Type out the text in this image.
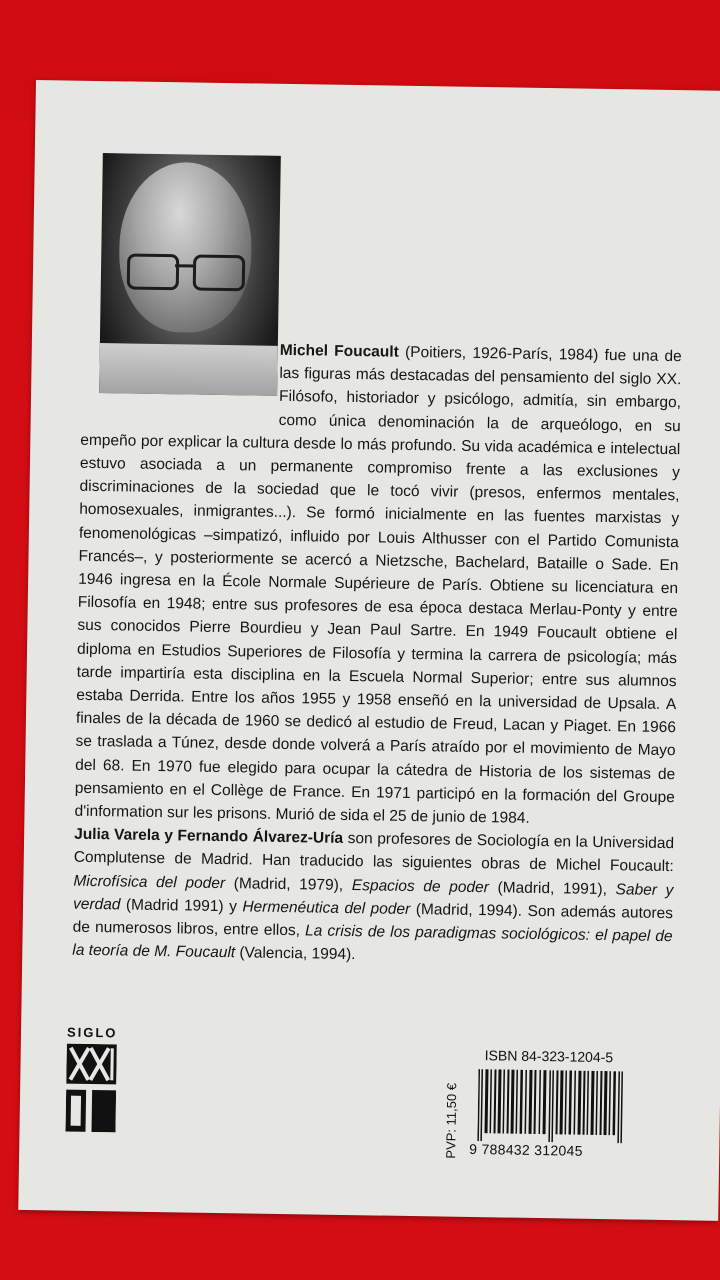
Michel Foucault (Poitiers, 1926-París, 1984) fue una de las figuras más destacadas del pensamiento del siglo XX. Filósofo, historiador y psicólogo, admitía, sin embargo, como única denominación la de arqueólogo, en su empeño por explicar la cultura desde lo más profundo. Su vida académica e intelectual estuvo asociada a un permanente compromiso frente a las exclusiones y discriminaciones de la sociedad que le tocó vivir (presos, enfermos mentales, homosexuales, inmigrantes...). Se formó inicialmente en las fuentes marxistas y fenomenológicas –simpatizó, influido por Louis Althusser con el Partido Comunista Francés–, y posteriormente se acercó a Nietzsche, Bachelard, Bataille o Sade. En 1946 ingresa en la École Normale Supérieure de París. Obtiene su licenciatura en Filosofía en 1948; entre sus profesores de esa época destaca Merlau-Ponty y entre sus conocidos Pierre Bourdieu y Jean Paul Sartre. En 1949 Foucault obtiene el diploma en Estudios Superiores de Filosofía y termina la carrera de psicología; más tarde impartiría esta disciplina en la Escuela Normal Superior; entre sus alumnos estaba Derrida. Entre los años 1955 y 1958 enseñó en la universidad de Upsala. A finales de la década de 1960 se dedicó al estudio de Freud, Lacan y Piaget. En 1966 se traslada a Túnez, desde donde volverá a París atraído por el movimiento de Mayo del 68. En 1970 fue elegido para ocupar la cátedra de Historia de los sistemas de pensamiento en el Collège de France. En 1971 participó en la formación del Groupe d'information sur les prisons. Murió de sida el 25 de junio de 1984.

Julia Varela y Fernando Álvarez-Uría son profesores de Sociología en la Universidad Complutense de Madrid. Han traducido las siguientes obras de Michel Foucault: Microfísica del poder (Madrid, 1979), Espacios de poder (Madrid, 1991), Saber y verdad (Madrid 1991) y Hermenéutica del poder (Madrid, 1994). Son además autores de numerosos libros, entre ellos, La crisis de los paradigmas sociológicos: el papel de la teoría de M. Foucault (Valencia, 1994).

SIGLO
PVP: 11,50 €
ISBN 84-323-1204-5
9 788432 312045
